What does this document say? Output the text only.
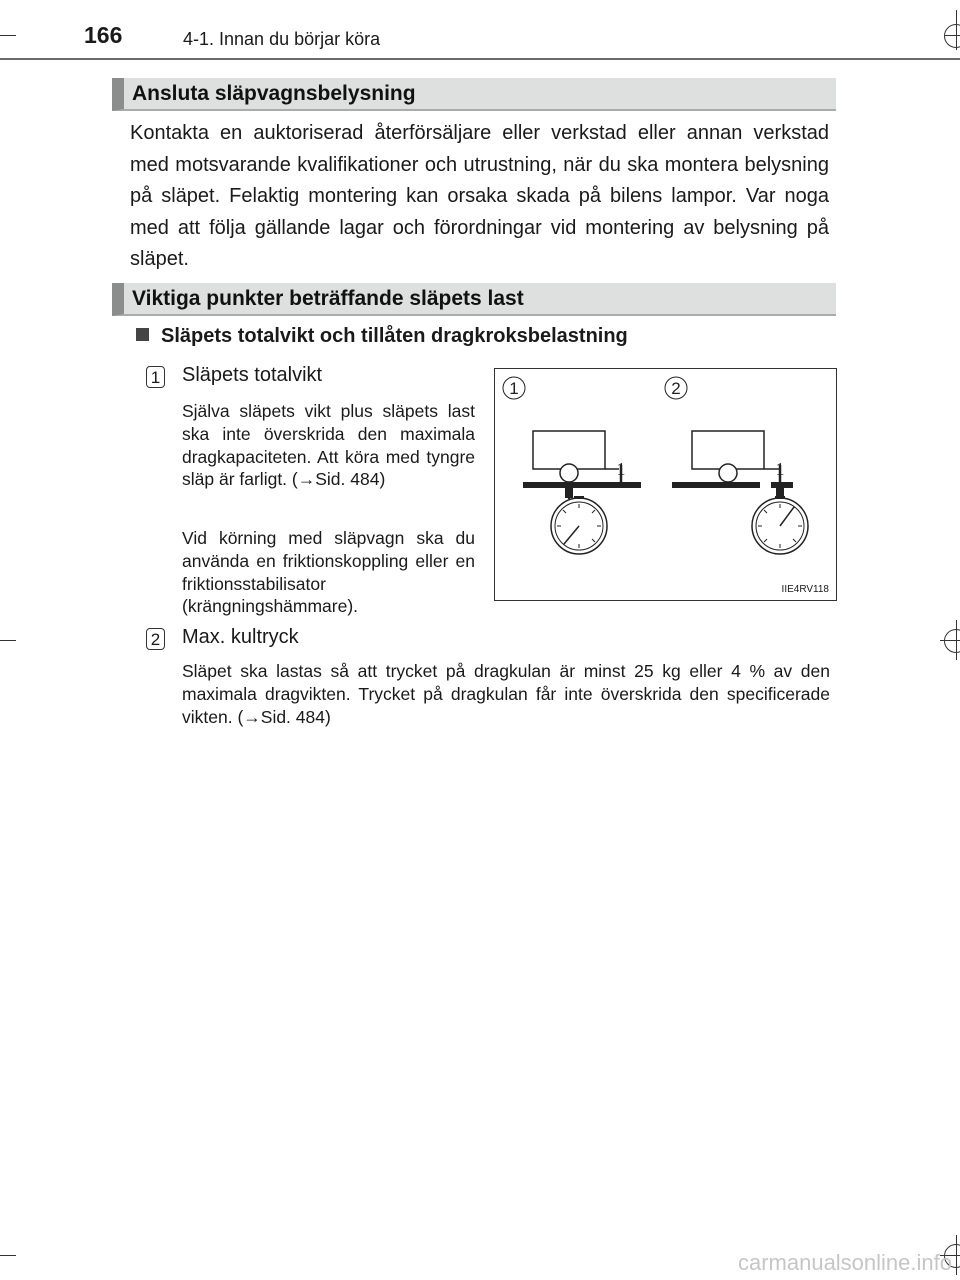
166	4-1. Innan du börjar köra
Ansluta släpvagnsbelysning
Kontakta en auktoriserad återförsäljare eller verkstad eller annan verkstad med motsvarande kvalifikationer och utrustning, när du ska montera belysning på släpet. Felaktig montering kan orsaka skada på bilens lampor. Var noga med att följa gällande lagar och förordningar vid montering av belysning på släpet.
Viktiga punkter beträffande släpets last
Släpets totalvikt och tillåten dragkroksbelastning
1 Släpets totalvikt
Själva släpets vikt plus släpets last ska inte överskrida den maximala dragkapaciteten. Att köra med tyngre släp är farligt. (→Sid. 484)
Vid körning med släpvagn ska du använda en friktionskoppling eller en friktionsstabilisator (krängningshämmare).
1	2
1	1
IIE4RV118
2 Max. kultryck
Släpet ska lastas så att trycket på dragkulan är minst 25 kg eller 4 % av den maximala dragvikten. Trycket på dragkulan får inte överskrida den specificerade vikten. (→Sid. 484)
carmanualsonline.info
